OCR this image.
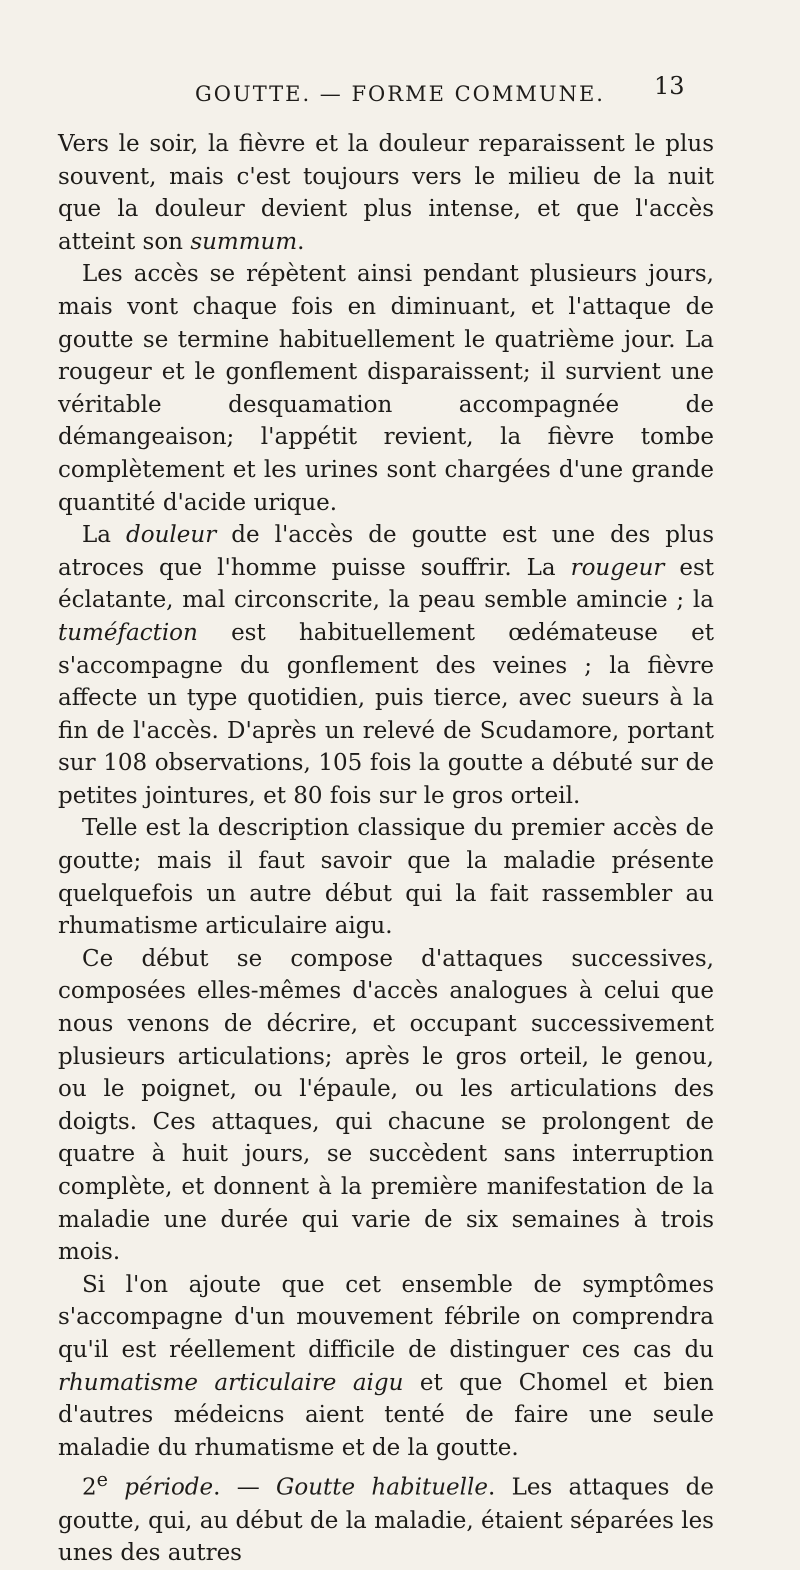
GOUTTE. — FORME COMMUNE.	13

Vers le soir, la fièvre et la douleur reparaissent le plus souvent, mais c'est toujours vers le milieu de la nuit que la douleur devient plus intense, et que l'accès atteint son summum.

Les accès se répètent ainsi pendant plusieurs jours, mais vont chaque fois en diminuant, et l'attaque de goutte se termine habituellement le quatrième jour. La rougeur et le gonflement disparaissent; il survient une véritable desquamation accompagnée de démangeaison; l'appétit revient, la fièvre tombe complètement et les urines sont chargées d'une grande quantité d'acide urique.

La douleur de l'accès de goutte est une des plus atroces que l'homme puisse souffrir. La rougeur est éclatante, mal circonscrite, la peau semble amincie ; la tuméfaction est habituellement œdémateuse et s'accompagne du gonflement des veines ; la fièvre affecte un type quotidien, puis tierce, avec sueurs à la fin de l'accès. D'après un relevé de Scudamore, portant sur 108 observations, 105 fois la goutte a débuté sur de petites jointures, et 80 fois sur le gros orteil.

Telle est la description classique du premier accès de goutte; mais il faut savoir que la maladie présente quelquefois un autre début qui la fait rassembler au rhumatisme articulaire aigu.

Ce début se compose d'attaques successives, composées elles-mêmes d'accès analogues à celui que nous venons de décrire, et occupant successivement plusieurs articulations; après le gros orteil, le genou, ou le poignet, ou l'épaule, ou les articulations des doigts. Ces attaques, qui chacune se prolongent de quatre à huit jours, se succèdent sans interruption complète, et donnent à la première manifestation de la maladie une durée qui varie de six semaines à trois mois.

Si l'on ajoute que cet ensemble de symptômes s'accompagne d'un mouvement fébrile on comprendra qu'il est réellement difficile de distinguer ces cas du rhumatisme articulaire aigu et que Chomel et bien d'autres médeicns aient tenté de faire une seule maladie du rhumatisme et de la goutte.

2e période. — Goutte habituelle. Les attaques de goutte, qui, au début de la maladie, étaient séparées les unes des autres
